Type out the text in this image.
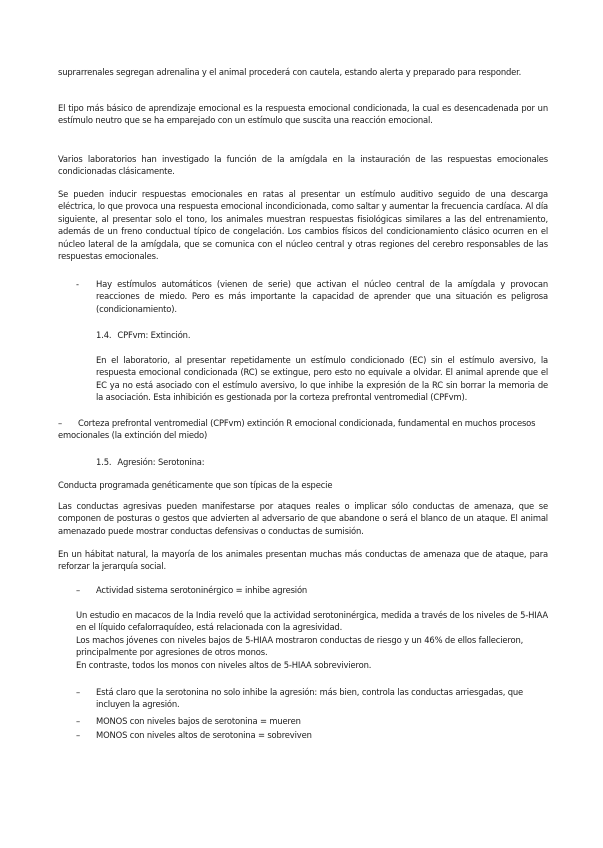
suprarrenales segregan adrenalina y el animal procederá con cautela, estando alerta y preparado para responder.

El tipo más básico de aprendizaje emocional es la respuesta emocional condicionada, la cual es desencadenada por un estímulo neutro que se ha emparejado con un estímulo que suscita una reacción emocional.

Varios laboratorios han investigado la función de la amígdala en la instauración de las respuestas emocionales condicionadas clásicamente.

Se pueden inducir respuestas emocionales en ratas al presentar un estímulo auditivo seguido de una descarga eléctrica, lo que provoca una respuesta emocional incondicionada, como saltar y aumentar la frecuencia cardíaca. Al día siguiente, al presentar solo el tono, los animales muestran respuestas fisiológicas similares a las del entrenamiento, además de un freno conductual típico de congelación. Los cambios físicos del condicionamiento clásico ocurren en el núcleo lateral de la amígdala, que se comunica con el núcleo central y otras regiones del cerebro responsables de las respuestas emocionales.

- Hay estímulos automáticos (vienen de serie) que activan el núcleo central de la amígdala y provocan reacciones de miedo. Pero es más importante la capacidad de aprender que una situación es peligrosa (condicionamiento).

1.4. CPFvm: Extinción.

En el laboratorio, al presentar repetidamente un estímulo condicionado (EC) sin el estímulo aversivo, la respuesta emocional condicionada (RC) se extingue, pero esto no equivale a olvidar. El animal aprende que el EC ya no está asociado con el estímulo aversivo, lo que inhibe la expresión de la RC sin borrar la memoria de la asociación. Esta inhibición es gestionada por la corteza prefrontal ventromedial (CPFvm).

–	Corteza prefrontal ventromedial (CPFvm) extinción R emocional condicionada, fundamental en muchos procesos emocionales (la extinción del miedo)

1.5. Agresión: Serotonina:

Conducta programada genéticamente que son típicas de la especie

Las conductas agresivas pueden manifestarse por ataques reales o implicar sólo conductas de amenaza, que se componen de posturas o gestos que advierten al adversario de que abandone o será el blanco de un ataque. El animal amenazado puede mostrar conductas defensivas o conductas de sumisión.

En un hábitat natural, la mayoría de los animales presentan muchas más conductas de amenaza que de ataque, para reforzar la jerarquía social.

– Actividad sistema serotoninérgico = inhibe agresión

Un estudio en macacos de la India reveló que la actividad serotoninérgica, medida a través de los niveles de 5-HIAA en el líquido cefalorraquídeo, está relacionada con la agresividad.

Los machos jóvenes con niveles bajos de 5-HIAA mostraron conductas de riesgo y un 46% de ellos fallecieron, principalmente por agresiones de otros monos.

En contraste, todos los monos con niveles altos de 5-HIAA sobrevivieron.

– Está claro que la serotonina no solo inhibe la agresión: más bien, controla las conductas arriesgadas, que incluyen la agresión.

– MONOS con niveles bajos de serotonina = mueren

– MONOS con niveles altos de serotonina = sobreviven
